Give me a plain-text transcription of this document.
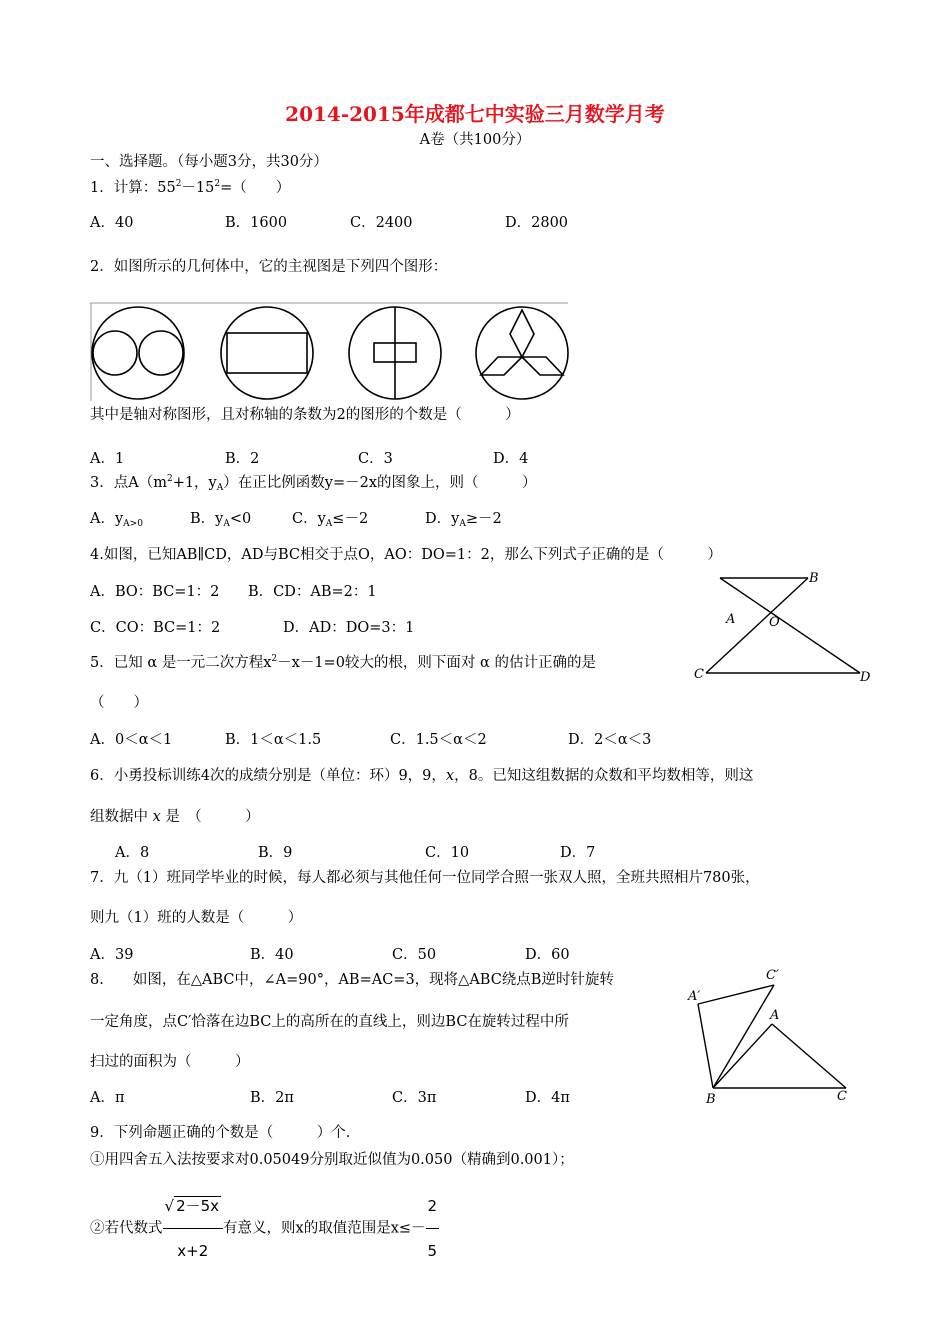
2014-2015年成都七中实验三月数学月考
A卷（共100分）
一、选择题。（每小题3分，共30分）
1．计算：$55^2-15^2=$（　　）
A．40	B．1600	C．2400	D．2800
2．如图所示的几何体中，它的主视图是下列四个图形：
其中是轴对称图形，且对称轴的条数为2的图形的个数是（　　　）
A．1	B．2	C．3	D．4
3．点$A(m^2+1$，$y_A$）在正比例函数y=－2x的图象上，则（　　　）
A．$y_{A>0}$	B．$y_A<0$	C．$y_A\le-2$	D．$y_A\ge-2$
4.如图，已知AB∥CD，AD与BC相交于点O，AO：DO=1：2，那么下列式子正确的是（　　　）
A．BO：BC=1：2 B．CD：AB=2：1
C．CO：BC=1：2	D．AD：DO=3：1
A
B
O
C	D
5．已知 α 是一元二次方程$x^2-x-1=0$较大的根，则下面对 α 的估计正确的是
（　　）
A．0＜α＜1	B．1＜α＜1.5	C．1.5＜α＜2	D．2＜α＜3
6．小勇投标训练4次的成绩分别是（单位：环）9，9，x，8。已知这组数据的众数和平均数相等，则这
组数据中 x 是　（　　　）
A．8	B．9	C．10	D．7
7．九（1）班同学毕业的时候，每人都必须与其他任何一位同学合照一张双人照，全班共照相片780张，
则九（1）班的人数是（　　　）
A．39	B．40	C．50	D．60
8.　　如图，在△ABC中，∠A=90°，AB=AC=3，现将△ABC绕点B逆时针旋转
一定角度，点C′恰落在边BC上的高所在的直线上，则边BC在旋转过程中所
扫过的面积为（　　　）
A．π	B．2π	C．3π	D．4π
C′
A′
A
B	C
9．下列命题正确的个数是（　　　）个.
①用四舍五入法按要求对0.05049分别取近似值为0.050（精确到0.001）；
②若代数式 $\frac{√ 2-5x}{x+2}$ 有意义，则x的取值范围是$x\le- \frac{2}{5}$
